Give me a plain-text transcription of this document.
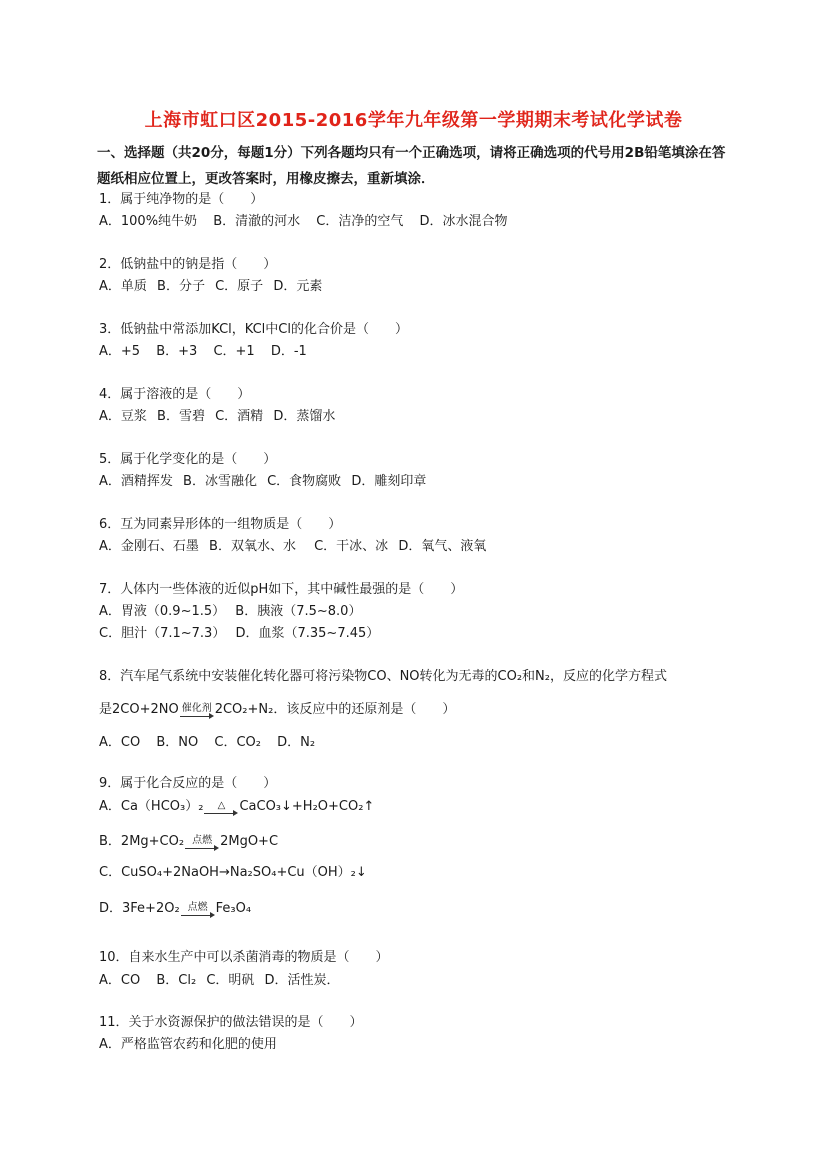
上海市虹口区2015-2016学年九年级第一学期期末考试化学试卷
一、选择题（共20分，每题1分）下列各题均只有一个正确选项，请将正确选项的代号用2B铅笔填涂在答题纸相应位置上，更改答案时，用橡皮擦去，重新填涂．
1．属于纯净物的是（　　）
A．100%纯牛奶 B．清澈的河水 C．洁净的空气 D．冰水混合物
2．低钠盐中的钠是指（　　）
A．单质 B．分子 C．原子 D．元素
3．低钠盐中常添加KCl，KCl中Cl的化合价是（　　）
A．+5 B．+3 C．+1 D．-1
4．属于溶液的是（　　）
A．豆浆 B．雪碧 C．酒精 D．蒸馏水
5．属于化学变化的是（　　）
A．酒精挥发 B．冰雪融化 C．食物腐败 D．雕刻印章
6．互为同素异形体的一组物质是（　　）
A．金刚石、石墨 B．双氧水、水 C．干冰、冰 D．氧气、液氧
7．人体内一些体液的近似pH如下，其中碱性最强的是（　　）
A．胃液（0.9~1.5） B．胰液（7.5~8.0）
C．胆汁（7.1~7.3） D．血浆（7.35~7.45）
8．汽车尾气系统中安装催化转化器可将污染物CO、NO转化为无毒的CO₂和N₂，反应的化学方程式
是2CO+2NO 催化剂 2CO₂+N₂．该反应中的还原剂是（　　）
A．CO B．NO C．CO₂ D．N₂
9．属于化合反应的是（　　）
A．Ca（HCO₃）₂ △ CaCO₃↓+H₂O+CO₂↑
B．2Mg+CO₂ 点燃 2MgO+C
C．CuSO₄+2NaOH→Na₂SO₄+Cu（OH）₂↓
D．3Fe+2O₂ 点燃 Fe₃O₄
10．自来水生产中可以杀菌消毒的物质是（　　）
A．CO B．Cl₂ C．明矾 D．活性炭．
11．关于水资源保护的做法错误的是（　　）
A．严格监管农药和化肥的使用
